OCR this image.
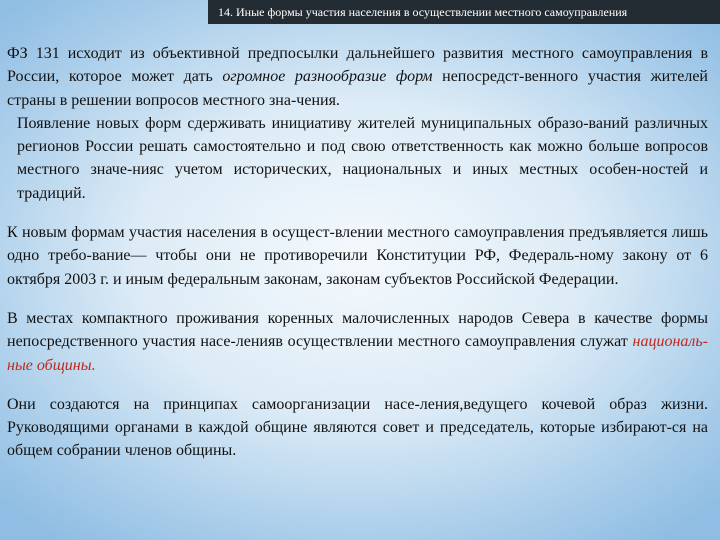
14. Иные формы участия населения в осуществлении местного самоуправления

ФЗ 131 исходит из объективной предпосылки дальнейшего развития местного самоуправления в России, которое может дать огромное разнообразие форм непосредст-венного участия жителей страны в решении вопросов местного зна-чения.

Появление новых форм сдерживать инициативу жителей муниципальных образо-ваний различных регионов России решать самостоятельно и под свою ответственность как можно больше вопросов местного значе-нияс учетом исторических, национальных и иных местных особен-ностей и традиций.

К новым формам участия населения в осущест-влении местного самоуправления предъявляется лишь одно требо-вание— чтобы они не противоречили Конституции РФ, Федераль-ному закону от 6 октября 2003 г. и иным федеральным законам, законам субъектов Российской Федерации.

В местах компактного проживания коренных малочисленных народов Севера в качестве формы непосредственного участия насе-ленияв осуществлении местного самоуправления служат националь-ные общины.

Они создаются на принципах самоорганизации насе-ления,ведущего кочевой образ жизни. Руководящими органами в каждой общине являются совет и председатель, которые избирают-ся на общем собрании членов общины.
